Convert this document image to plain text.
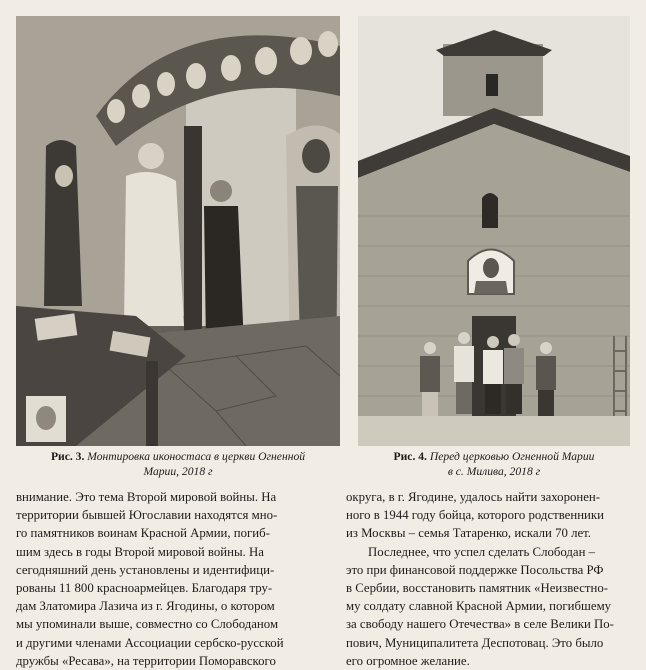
Рис. 3. Монтировка иконостаса в церкви Огненной
Марии, 2018 г
Рис. 4. Перед церковью Огненной Марии
в с. Милива, 2018 г

внимание. Это тема Второй мировой войны. На

территории бывшей Югославии находятся мно-

го памятников воинам Красной Армии, погиб-

шим здесь в годы Второй мировой войны. На

сегодняшний день установлены и идентифици-

рованы 11 800 красноармейцев. Благодаря тру-

дам Златомира Лазича из г. Ягодины, о котором

мы упоминали выше, совместно со Слободаном

и другими членами Ассоциации сербско-русской

дружбы «Ресава», на территории Поморавского

округа, в г. Ягодине, удалось найти захоронен-

ного в 1944 году бойца, которого родственники

из Москвы – семья Татаренко, искали 70 лет.

Последнее, что успел сделать Слободан –

это при финансовой поддержке Посольства РФ

в Сербии, восстановить памятник «Неизвестно-

му солдату славной Красной Армии, погибшему

за свободу нашего Отечества» в селе Велики По-

пович, Муниципалитета Деспотовац. Это было

его огромное желание.
